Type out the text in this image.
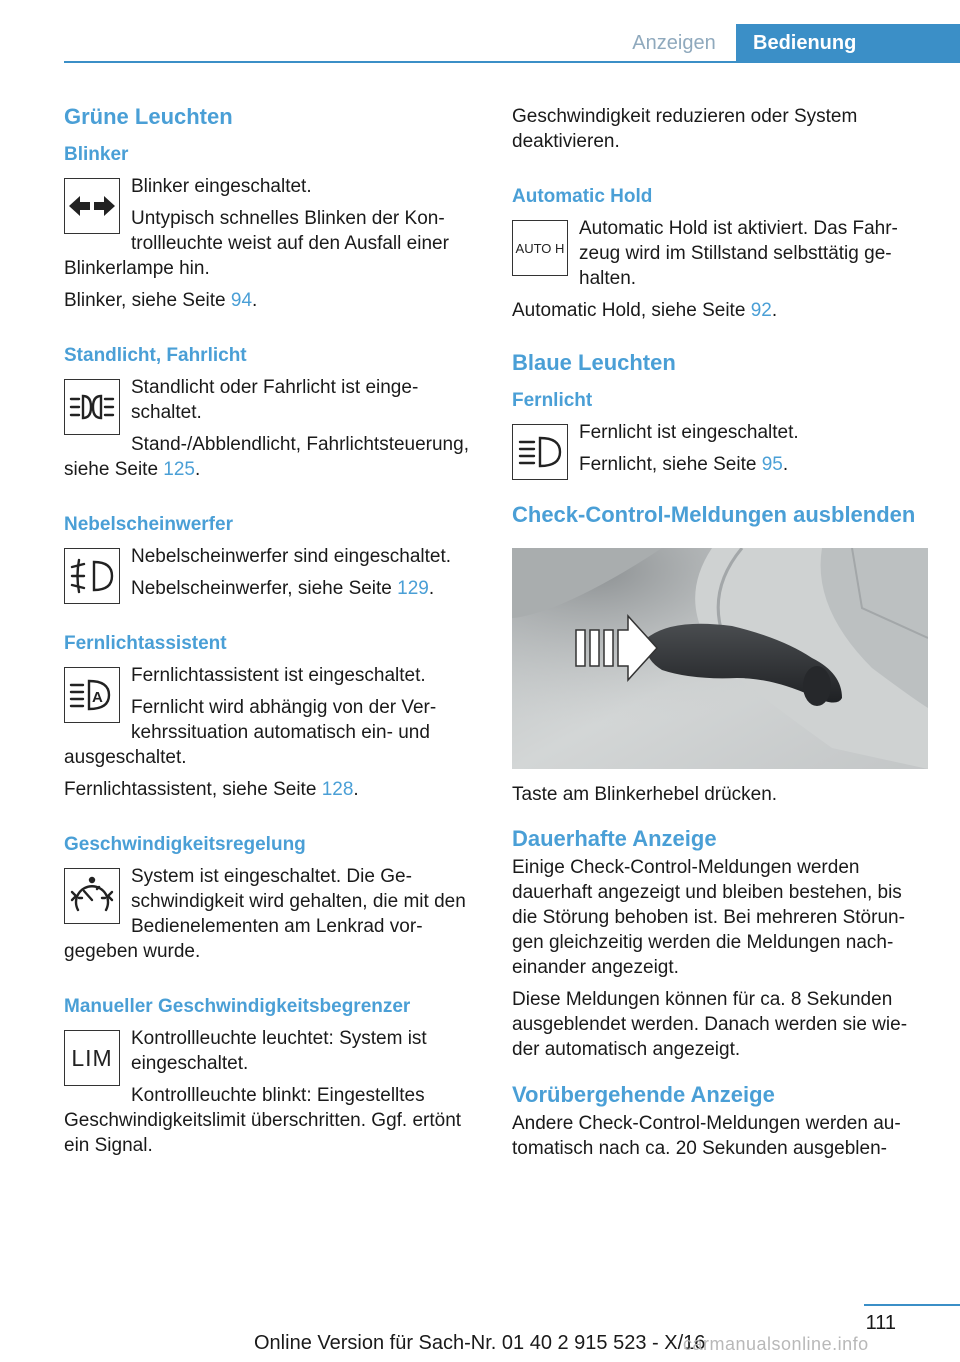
Anzeigen	Bedienung
Grüne Leuchten
Blinker
Blinker eingeschaltet.
Untypisch schnelles Blinken der Kontrollleuchte weist auf den Ausfall einer Blinkerlampe hin.
Blinker, siehe Seite 94.
Standlicht, Fahrlicht
Standlicht oder Fahrlicht ist eingeschaltet.
Stand-/Abblendlicht, Fahrlichtsteuerung, siehe Seite 125.
Nebelscheinwerfer
Nebelscheinwerfer sind eingeschaltet.
Nebelscheinwerfer, siehe Seite 129.
Fernlichtassistent
A
Fernlichtassistent ist eingeschaltet.
Fernlicht wird abhängig von der Verkehrssituation automatisch ein- und ausgeschaltet.
Fernlichtassistent, siehe Seite 128.
Geschwindigkeitsregelung
System ist eingeschaltet. Die Geschwindigkeit wird gehalten, die mit den Bedienelementen am Lenkrad vorgegeben wurde.
Manueller Geschwindigkeitsbegrenzer
LIM
Kontrollleuchte leuchtet: System ist eingeschaltet.
Kontrollleuchte blinkt: Eingestelltes Geschwindigkeitslimit überschritten. Ggf. ertönt ein Signal.
Geschwindigkeit reduzieren oder System deaktivieren.
Automatic Hold
AUTO H
Automatic Hold ist aktiviert. Das Fahrzeug wird im Stillstand selbsttätig gehalten.
Automatic Hold, siehe Seite 92.
Blaue Leuchten
Fernlicht
Fernlicht ist eingeschaltet.
Fernlicht, siehe Seite 95.
Check-Control-Meldungen ausblenden
Taste am Blinkerhebel drücken.
Dauerhafte Anzeige
Einige Check-Control-Meldungen werden dauerhaft angezeigt und bleiben bestehen, bis die Störung behoben ist. Bei mehreren Störungen gleichzeitig werden die Meldungen nacheinander angezeigt.
Diese Meldungen können für ca. 8 Sekunden ausgeblendet werden. Danach werden sie wieder automatisch angezeigt.
Vorübergehende Anzeige
Andere Check-Control-Meldungen werden automatisch nach ca. 20 Sekunden ausgeblen-
111
Online Version für Sach-Nr. 01 40 2 915 523 - X/16
carmanualsonline.info
